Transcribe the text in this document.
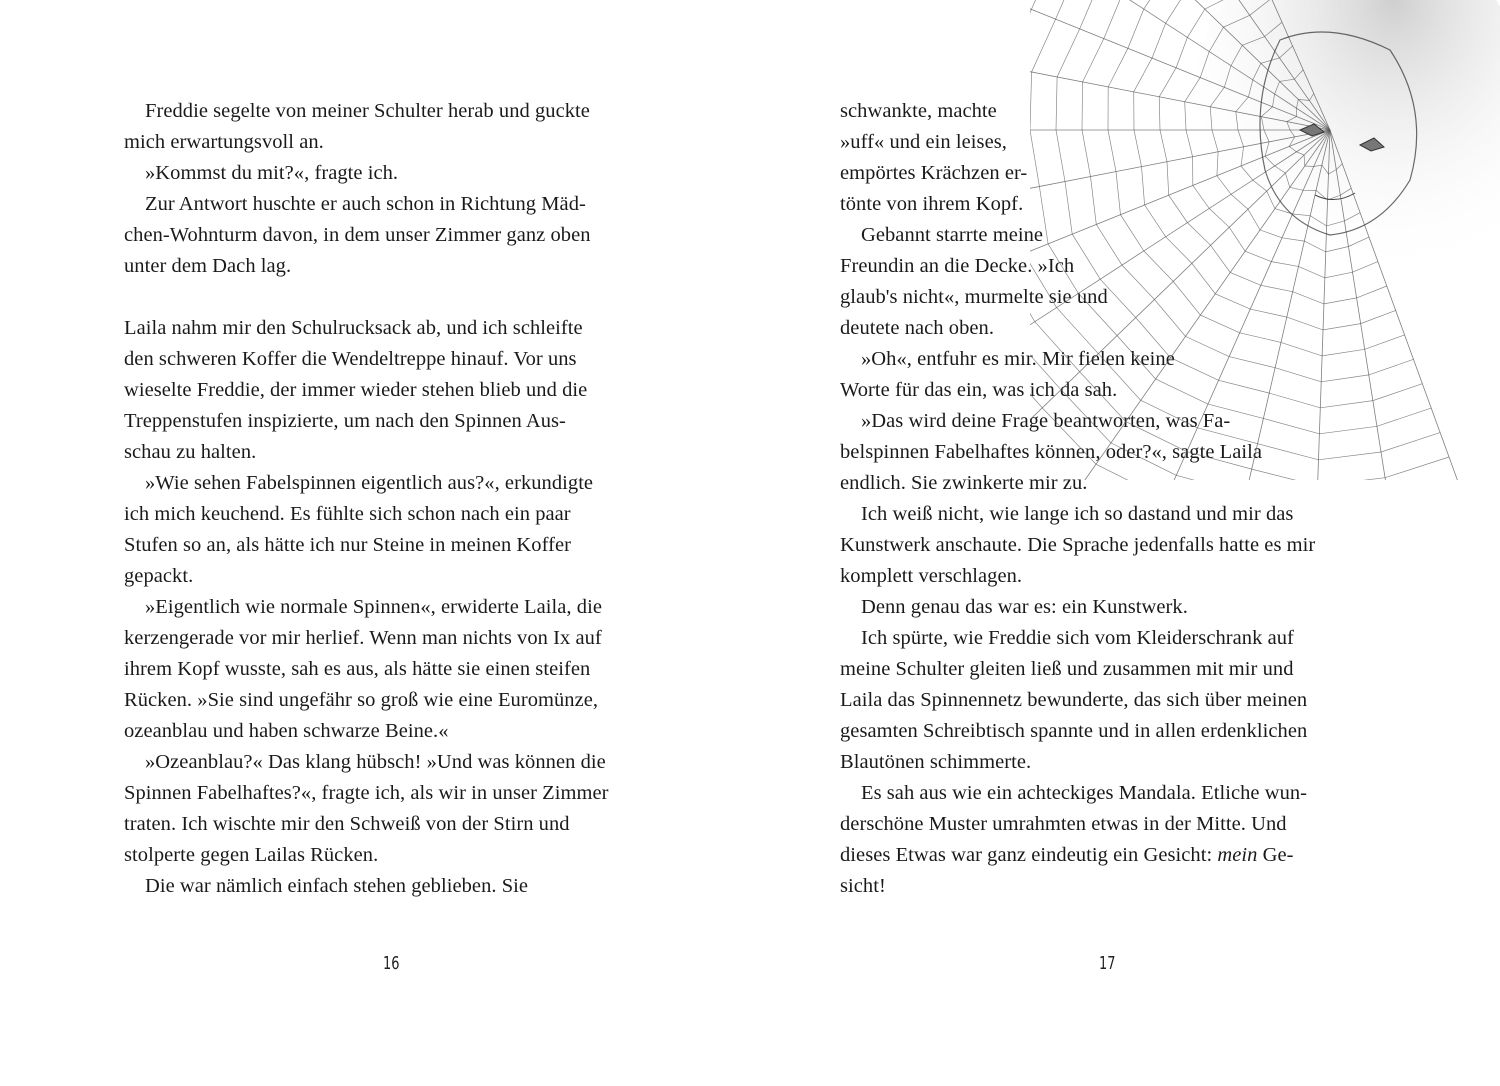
Freddie segelte von meiner Schulter herab und guckte
mich erwartungsvoll an.
»Kommst du mit?«, fragte ich.
Zur Antwort huschte er auch schon in Richtung Mäd-
chen-Wohnturm davon, in dem unser Zimmer ganz oben
unter dem Dach lag.
Laila nahm mir den Schulrucksack ab, und ich schleifte
den schweren Koffer die Wendeltreppe hinauf. Vor uns
wieselte Freddie, der immer wieder stehen blieb und die
Treppenstufen inspizierte, um nach den Spinnen Aus-
schau zu halten.
»Wie sehen Fabelspinnen eigentlich aus?«, erkundigte
ich mich keuchend. Es fühlte sich schon nach ein paar
Stufen so an, als hätte ich nur Steine in meinen Koffer
gepackt.
»Eigentlich wie normale Spinnen«, erwiderte Laila, die
kerzengerade vor mir herlief. Wenn man nichts von Ix auf
ihrem Kopf wusste, sah es aus, als hätte sie einen steifen
Rücken. »Sie sind ungefähr so groß wie eine Euromünze,
ozeanblau und haben schwarze Beine.«
»Ozeanblau?« Das klang hübsch! »Und was können die
Spinnen Fabelhaftes?«, fragte ich, als wir in unser Zimmer
traten. Ich wischte mir den Schweiß von der Stirn und
stolperte gegen Lailas Rücken.
Die war nämlich einfach stehen geblieben. Sie
16
schwankte, machte
»uff« und ein leises,
empörtes Krächzen er-
tönte von ihrem Kopf.
Gebannt starrte meine
Freundin an die Decke. »Ich
glaub's nicht«, murmelte sie und
deutete nach oben.
»Oh«, entfuhr es mir. Mir fielen keine
Worte für das ein, was ich da sah.
»Das wird deine Frage beantworten, was Fa-
belspinnen Fabelhaftes können, oder?«, sagte Laila
endlich. Sie zwinkerte mir zu.
Ich weiß nicht, wie lange ich so dastand und mir das
Kunstwerk anschaute. Die Sprache jedenfalls hatte es mir
komplett verschlagen.
Denn genau das war es: ein Kunstwerk.
Ich spürte, wie Freddie sich vom Kleiderschrank auf
meine Schulter gleiten ließ und zusammen mit mir und
Laila das Spinnennetz bewunderte, das sich über meinen
gesamten Schreibtisch spannte und in allen erdenklichen
Blautönen schimmerte.
Es sah aus wie ein achteckiges Mandala. Etliche wun-
derschöne Muster umrahmten etwas in der Mitte. Und
dieses Etwas war ganz eindeutig ein Gesicht: mein Ge-
sicht!
17
